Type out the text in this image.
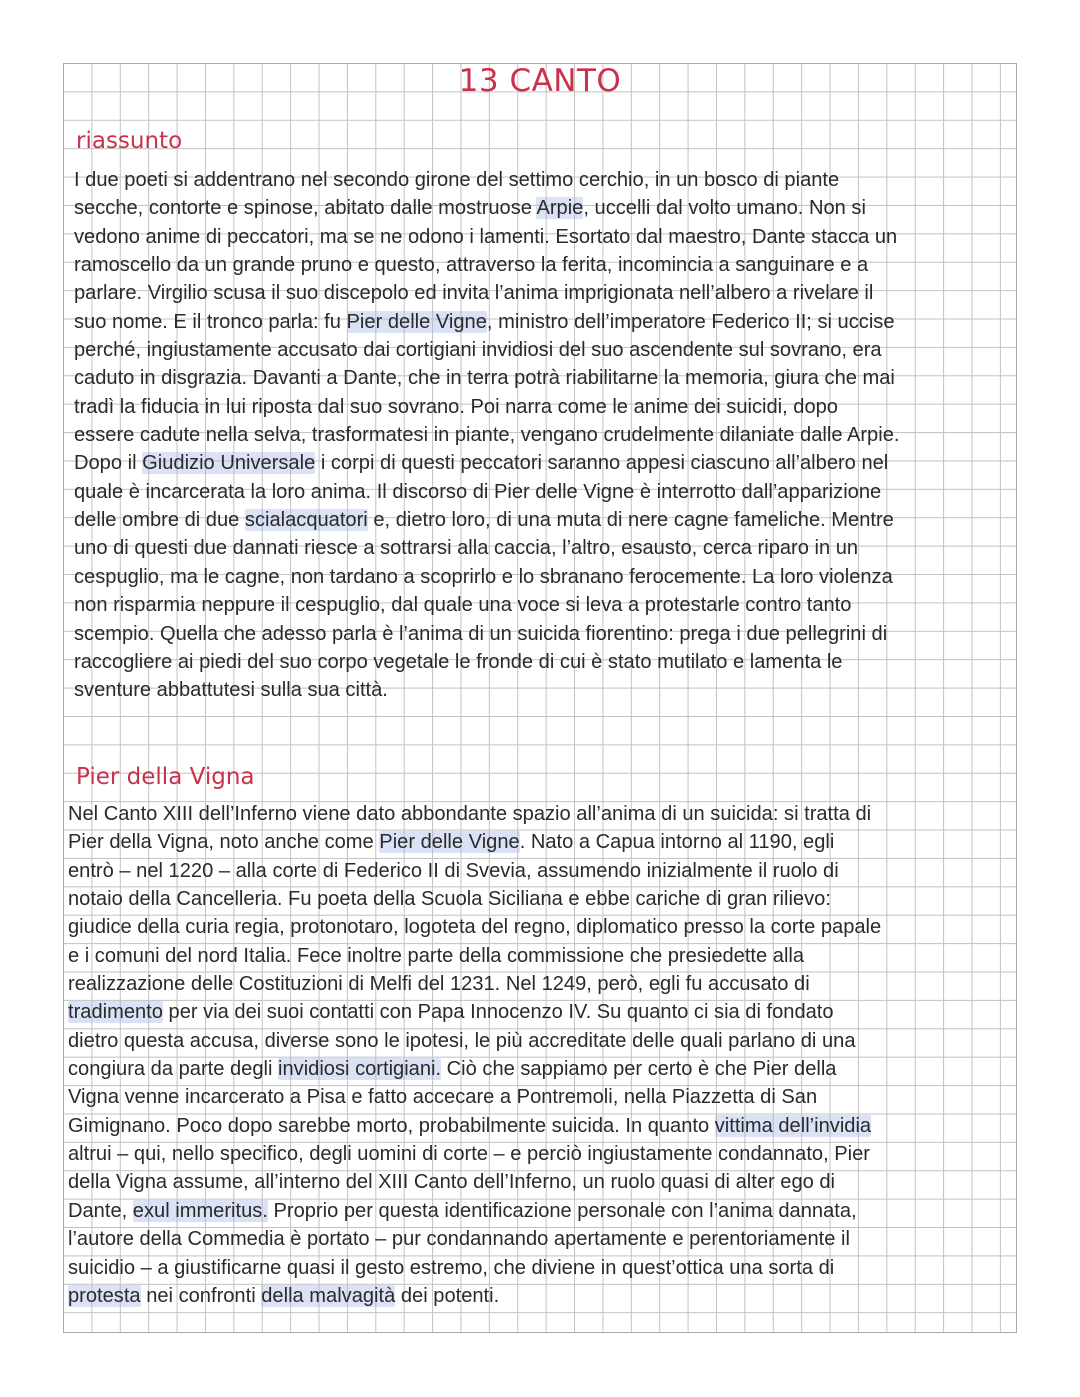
13 CANTO
riassunto
I due poeti si addentrano nel secondo girone del settimo cerchio, in un bosco di piante
secche, contorte e spinose, abitato dalle mostruose Arpie, uccelli dal volto umano. Non si
vedono anime di peccatori, ma se ne odono i lamenti. Esortato dal maestro, Dante stacca un
ramoscello da un grande pruno e questo, attraverso la ferita, incomincia a sanguinare e a
parlare. Virgilio scusa il suo discepolo ed invita l’anima imprigionata nell’albero a rivelare il
suo nome. E il tronco parla: fu Pier delle Vigne, ministro dell’imperatore Federico II; si uccise
perché, ingiustamente accusato dai cortigiani invidiosi del suo ascendente sul sovrano, era
caduto in disgrazia. Davanti a Dante, che in terra potrà riabilitarne la memoria, giura che mai
tradì la fiducia in lui riposta dal suo sovrano. Poi narra come le anime dei suicidi, dopo
essere cadute nella selva, trasformatesi in piante, vengano crudelmente dilaniate dalle Arpie.
Dopo il Giudizio Universale i corpi di questi peccatori saranno appesi ciascuno all’albero nel
quale è incarcerata la loro anima. Il discorso di Pier delle Vigne è interrotto dall’apparizione
delle ombre di due scialacquatori e, dietro loro, di una muta di nere cagne fameliche. Mentre
uno di questi due dannati riesce a sottrarsi alla caccia, l’altro, esausto, cerca riparo in un
cespuglio, ma le cagne, non tardano a scoprirlo e lo sbranano ferocemente. La loro violenza
non risparmia neppure il cespuglio, dal quale una voce si leva a protestarle contro tanto
scempio. Quella che adesso parla è l’anima di un suicida fiorentino: prega i due pellegrini di
raccogliere ai piedi del suo corpo vegetale le fronde di cui è stato mutilato e lamenta le
sventure abbattutesi sulla sua città.
Pier della Vigna
Nel Canto XIII dell’Inferno viene dato abbondante spazio all’anima di un suicida: si tratta di
Pier della Vigna, noto anche come Pier delle Vigne. Nato a Capua intorno al 1190, egli
entrò – nel 1220 – alla corte di Federico II di Svevia, assumendo inizialmente il ruolo di
notaio della Cancelleria. Fu poeta della Scuola Siciliana e ebbe cariche di gran rilievo:
giudice della curia regia, protonotaro, logoteta del regno, diplomatico presso la corte papale
e i comuni del nord Italia. Fece inoltre parte della commissione che presiedette alla
realizzazione delle Costituzioni di Melfi del 1231. Nel 1249, però, egli fu accusato di
tradimento per via dei suoi contatti con Papa Innocenzo IV. Su quanto ci sia di fondato
dietro questa accusa, diverse sono le ipotesi, le più accreditate delle quali parlano di una
congiura da parte degli invidiosi cortigiani. Ciò che sappiamo per certo è che Pier della
Vigna venne incarcerato a Pisa e fatto accecare a Pontremoli, nella Piazzetta di San
Gimignano. Poco dopo sarebbe morto, probabilmente suicida. In quanto vittima dell’invidia
altrui – qui, nello specifico, degli uomini di corte – e perciò ingiustamente condannato, Pier
della Vigna assume, all’interno del XIII Canto dell’Inferno, un ruolo quasi di alter ego di
Dante, exul immeritus. Proprio per questa identificazione personale con l’anima dannata,
l’autore della Commedia è portato – pur condannando apertamente e perentoriamente il
suicidio – a giustificarne quasi il gesto estremo, che diviene in quest’ottica una sorta di
protesta nei confronti della malvagità dei potenti.
